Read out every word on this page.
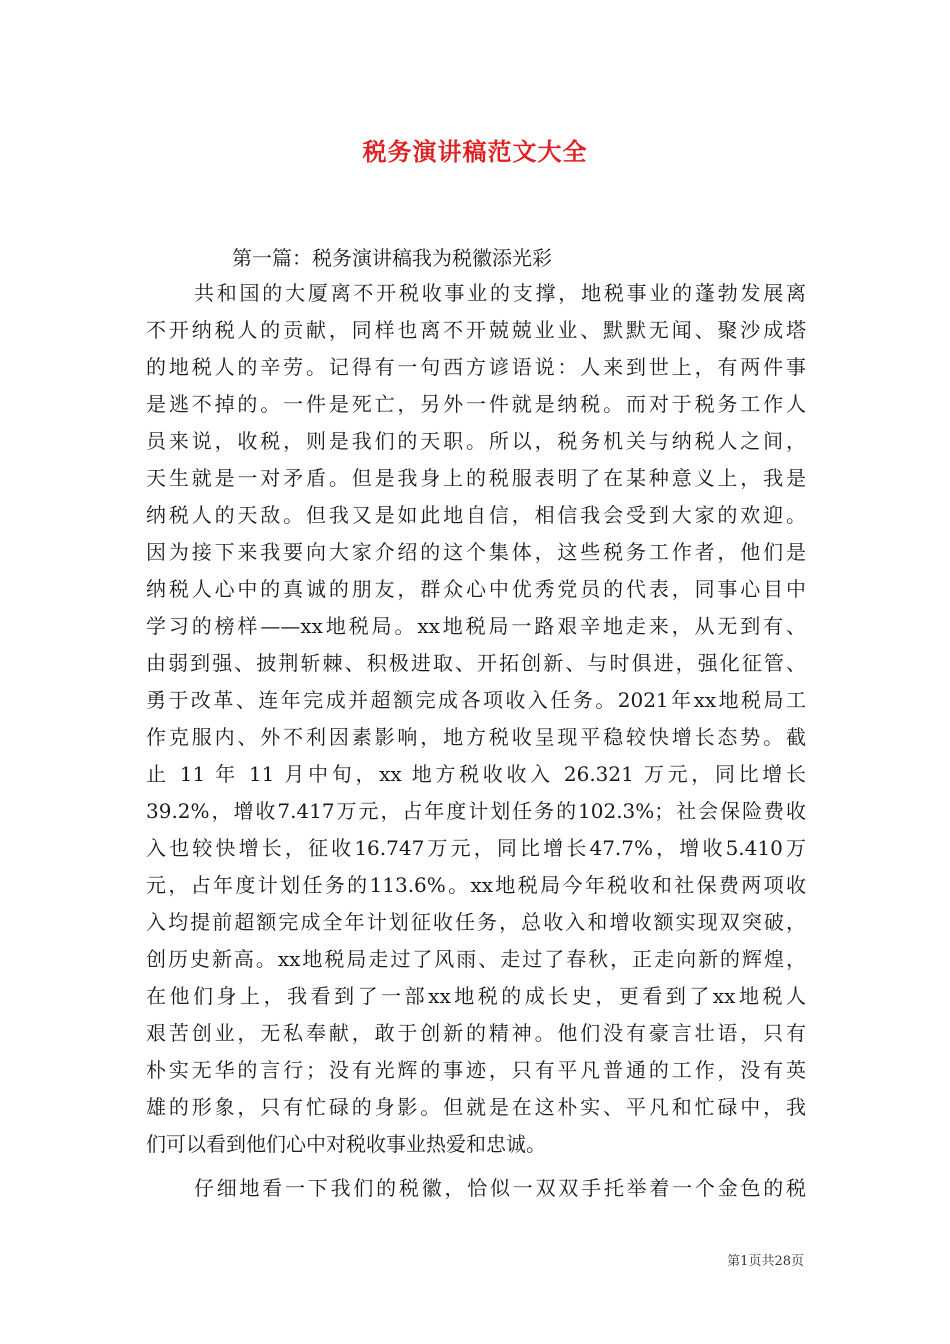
税务演讲稿范文大全
第一篇：税务演讲稿我为税徽添光彩
共和国的大厦离不开税收事业的支撑，地税事业的蓬勃发展离
不开纳税人的贡献，同样也离不开兢兢业业、默默无闻、聚沙成塔
的地税人的辛劳。记得有一句西方谚语说：人来到世上，有两件事
是逃不掉的。一件是死亡，另外一件就是纳税。而对于税务工作人
员来说，收税，则是我们的天职。所以，税务机关与纳税人之间，
天生就是一对矛盾。但是我身上的税服表明了在某种意义上，我是
纳税人的天敌。但我又是如此地自信，相信我会受到大家的欢迎。
因为接下来我要向大家介绍的这个集体，这些税务工作者，他们是
纳税人心中的真诚的朋友，群众心中优秀党员的代表，同事心目中
学习的榜样——xx地税局。xx地税局一路艰辛地走来，从无到有、
由弱到强、披荆斩棘、积极进取、开拓创新、与时俱进，强化征管、
勇于改革、连年完成并超额完成各项收入任务。2021年xx地税局工
作克服内、外不利因素影响，地方税收呈现平稳较快增长态势。截
止 11 年 11 月中旬，xx 地方税收收入 26.321 万元，同比增长
39.2%，增收7.417万元，占年度计划任务的102.3%；社会保险费收
入也较快增长，征收16.747万元，同比增长47.7%，增收5.410万
元，占年度计划任务的113.6%。xx地税局今年税收和社保费两项收
入均提前超额完成全年计划征收任务，总收入和增收额实现双突破，
创历史新高。xx地税局走过了风雨、走过了春秋，正走向新的辉煌，
在他们身上，我看到了一部xx地税的成长史，更看到了xx地税人
艰苦创业，无私奉献，敢于创新的精神。他们没有豪言壮语，只有
朴实无华的言行；没有光辉的事迹，只有平凡普通的工作，没有英
雄的形象，只有忙碌的身影。但就是在这朴实、平凡和忙碌中，我
们可以看到他们心中对税收事业热爱和忠诚。
仔细地看一下我们的税徽，恰似一双双手托举着一个金色的税
第1页共28页
